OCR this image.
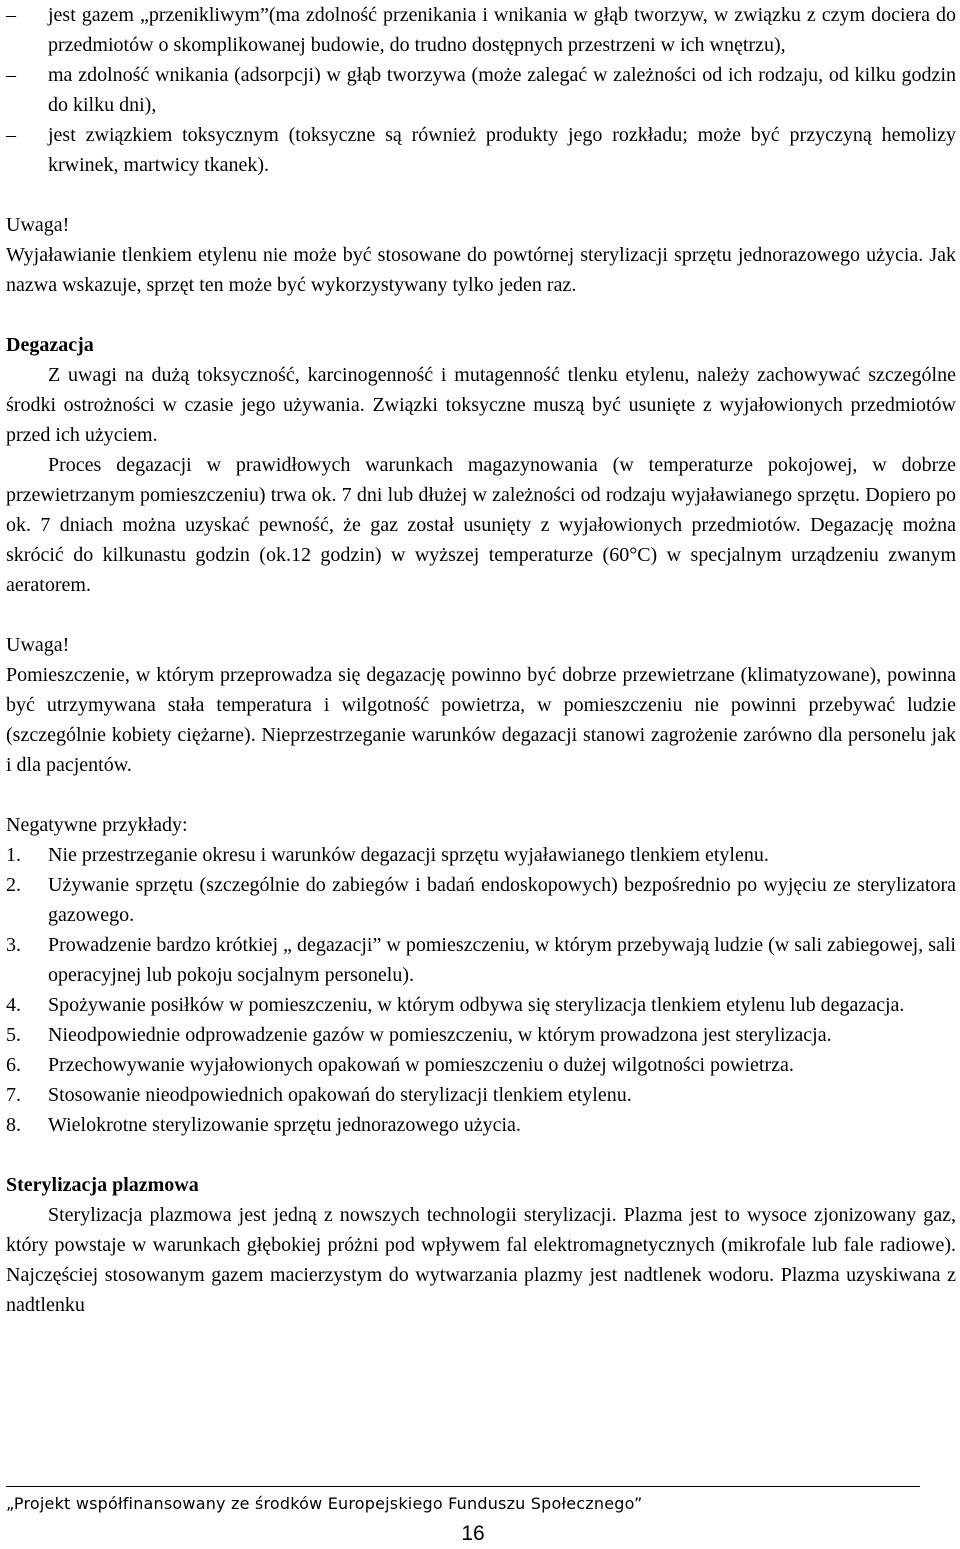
–	jest gazem „przenikliwym”(ma zdolność przenikania i wnikania w głąb tworzyw, w związku z czym dociera do przedmiotów o skomplikowanej budowie, do trudno dostępnych przestrzeni w ich wnętrzu),
–	ma zdolność wnikania (adsorpcji) w głąb tworzywa (może zalegać w zależności od ich rodzaju, od kilku godzin do kilku dni),
–	jest związkiem toksycznym (toksyczne są również produkty jego rozkładu; może być przyczyną hemolizy krwinek, martwicy tkanek).

Uwaga!

Wyjaławianie tlenkiem etylenu nie może być stosowane do powtórnej sterylizacji sprzętu jednorazowego użycia. Jak nazwa wskazuje, sprzęt ten może być wykorzystywany tylko jeden raz.

Degazacja

Z uwagi na dużą toksyczność, karcinogenność i mutagenność tlenku etylenu, należy zachowywać szczególne środki ostrożności w czasie jego używania. Związki toksyczne muszą być usunięte z wyjałowionych przedmiotów przed ich użyciem.

Proces degazacji w prawidłowych warunkach magazynowania (w temperaturze pokojowej, w dobrze przewietrzanym pomieszczeniu) trwa ok. 7 dni lub dłużej w zależności od rodzaju wyjaławianego sprzętu. Dopiero po ok. 7 dniach można uzyskać pewność, że gaz został usunięty z wyjałowionych przedmiotów. Degazację można skrócić do kilkunastu godzin (ok.12 godzin) w wyższej temperaturze (60°C) w specjalnym urządzeniu zwanym aeratorem.

Uwaga!

Pomieszczenie, w którym przeprowadza się degazację powinno być dobrze przewietrzane (klimatyzowane), powinna być utrzymywana stała temperatura i wilgotność powietrza, w pomieszczeniu nie powinni przebywać ludzie (szczególnie kobiety ciężarne). Nieprzestrzeganie warunków degazacji stanowi zagrożenie zarówno dla personelu jak i dla pacjentów.

Negatywne przykłady:

1. Nie przestrzeganie okresu i warunków degazacji sprzętu wyjaławianego tlenkiem etylenu.
2. Używanie sprzętu (szczególnie do zabiegów i badań endoskopowych) bezpośrednio po wyjęciu ze sterylizatora gazowego.
3. Prowadzenie bardzo krótkiej „ degazacji” w pomieszczeniu, w którym przebywają ludzie (w sali zabiegowej, sali operacyjnej lub pokoju socjalnym personelu).
4. Spożywanie posiłków w pomieszczeniu, w którym odbywa się sterylizacja tlenkiem etylenu lub degazacja.
5. Nieodpowiednie odprowadzenie gazów w pomieszczeniu, w którym prowadzona jest sterylizacja.
6. Przechowywanie wyjałowionych opakowań w pomieszczeniu o dużej wilgotności powietrza.
7. Stosowanie nieodpowiednich opakowań do sterylizacji tlenkiem etylenu.
8. Wielokrotne sterylizowanie sprzętu jednorazowego użycia.

Sterylizacja plazmowa

Sterylizacja plazmowa jest jedną z nowszych technologii sterylizacji. Plazma jest to wysoce zjonizowany gaz, który powstaje w warunkach głębokiej próżni pod wpływem fal elektromagnetycznych (mikrofale lub fale radiowe). Najczęściej stosowanym gazem macierzystym do wytwarzania plazmy jest nadtlenek wodoru. Plazma uzyskiwana z nadtlenku

„Projekt współfinansowany ze środków Europejskiego Funduszu Społecznego”
16
